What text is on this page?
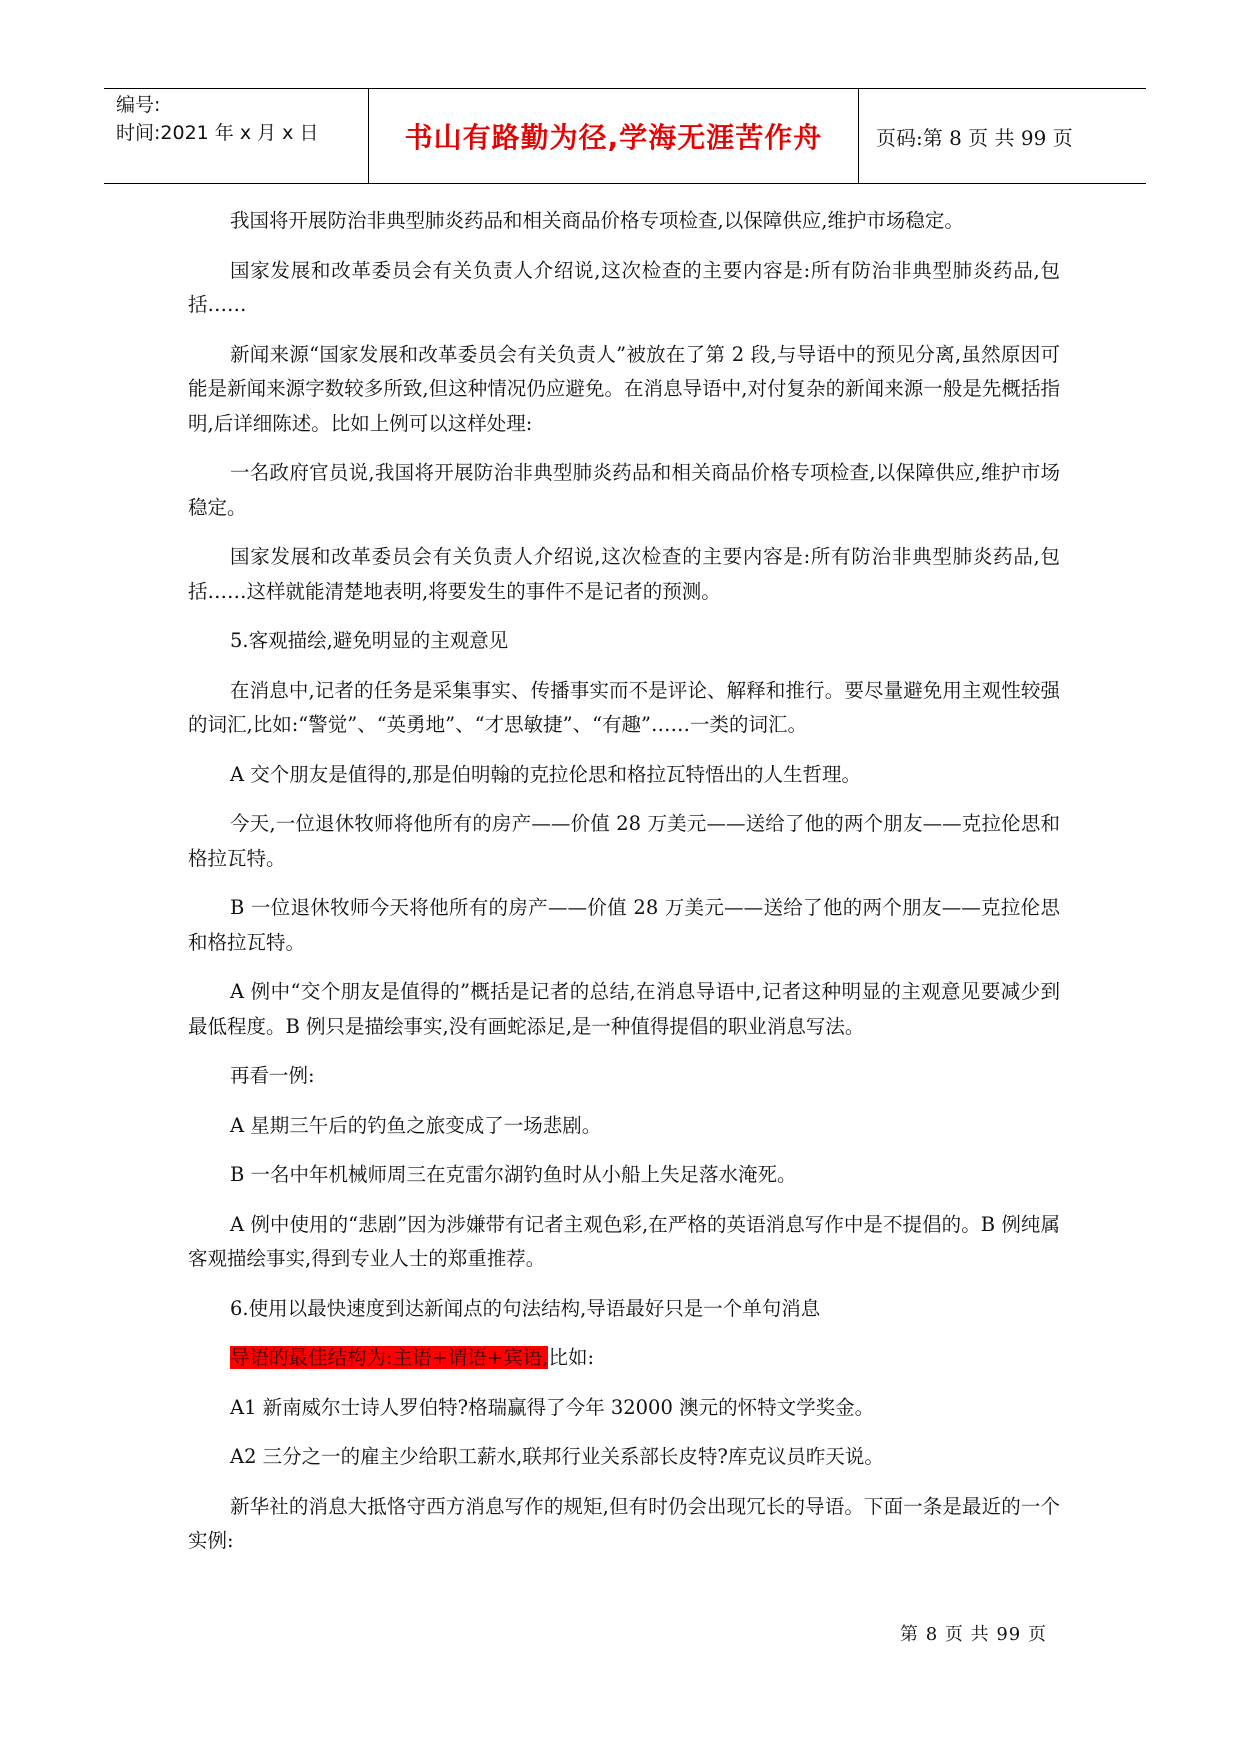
编号:
时间:2021 年 x 月 x 日	书山有路勤为径,学海无涯苦作舟	页码:第 8 页 共 99 页

我国将开展防治非典型肺炎药品和相关商品价格专项检查,以保障供应,维护市场稳定。

国家发展和改革委员会有关负责人介绍说,这次检查的主要内容是:所有防治非典型肺炎药品,包括……

新闻来源“国家发展和改革委员会有关负责人”被放在了第 2 段,与导语中的预见分离,虽然原因可能是新闻来源字数较多所致,但这种情况仍应避免。在消息导语中,对付复杂的新闻来源一般是先概括指明,后详细陈述。比如上例可以这样处理:

一名政府官员说,我国将开展防治非典型肺炎药品和相关商品价格专项检查,以保障供应,维护市场稳定。

国家发展和改革委员会有关负责人介绍说,这次检查的主要内容是:所有防治非典型肺炎药品,包括……这样就能清楚地表明,将要发生的事件不是记者的预测。

5.客观描绘,避免明显的主观意见

在消息中,记者的任务是采集事实、传播事实而不是评论、解释和推行。要尽量避免用主观性较强的词汇,比如:“警觉”、“英勇地”、“才思敏捷”、“有趣”……一类的词汇。

A 交个朋友是值得的,那是伯明翰的克拉伦思和格拉瓦特悟出的人生哲理。

今天,一位退休牧师将他所有的房产——价值 28 万美元——送给了他的两个朋友——克拉伦思和格拉瓦特。

B 一位退休牧师今天将他所有的房产——价值 28 万美元——送给了他的两个朋友——克拉伦思和格拉瓦特。

A 例中“交个朋友是值得的”概括是记者的总结,在消息导语中,记者这种明显的主观意见要减少到最低程度。B 例只是描绘事实,没有画蛇添足,是一种值得提倡的职业消息写法。

再看一例:

A 星期三午后的钓鱼之旅变成了一场悲剧。

B 一名中年机械师周三在克雷尔湖钓鱼时从小船上失足落水淹死。

A 例中使用的“悲剧”因为涉嫌带有记者主观色彩,在严格的英语消息写作中是不提倡的。B 例纯属客观描绘事实,得到专业人士的郑重推荐。

6.使用以最快速度到达新闻点的句法结构,导语最好只是一个单句消息

导语的最佳结构为:主语+谓语+宾语,比如:

A1 新南威尔士诗人罗伯特?格瑞赢得了今年 32000 澳元的怀特文学奖金。

A2 三分之一的雇主少给职工薪水,联邦行业关系部长皮特?库克议员昨天说。

新华社的消息大抵恪守西方消息写作的规矩,但有时仍会出现冗长的导语。下面一条是最近的一个实例:

第 8 页 共 99 页
